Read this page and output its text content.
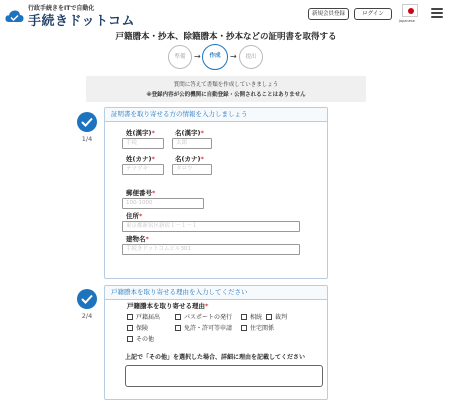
行政手続きをITで自動化
手続きドットコム	新規会員登録	ログイン
Japanese
戸籍謄本・抄本、除籍謄本・抄本などの証明書を取得する
準備	→	作成	→	提出
質問に答えて書類を作成していきましょう
※登録内容が公的機関に自動登録・公開されることはありません
1/4
証明書を取り寄せる方の情報を入力しましょう
姓(漢字)*
手続
名(漢字)*
太郎
姓(カナ)*
テツヅキ
名(カナ)*
タロウ
郵便番号*
100-1000
住所*
東京都新宿区新宿１－１－１
建物名*
手続きドットコムビル301
2/4
戸籍謄本を取り寄せる理由を入力してください
戸籍謄本を取り寄せる理由*
戸籍届出	パスポートの発行	相続	裁判
保険	免許・許可等申請	住宅関係
その他
上記で「その他」を選択した場合、詳細に理由を記載してください
